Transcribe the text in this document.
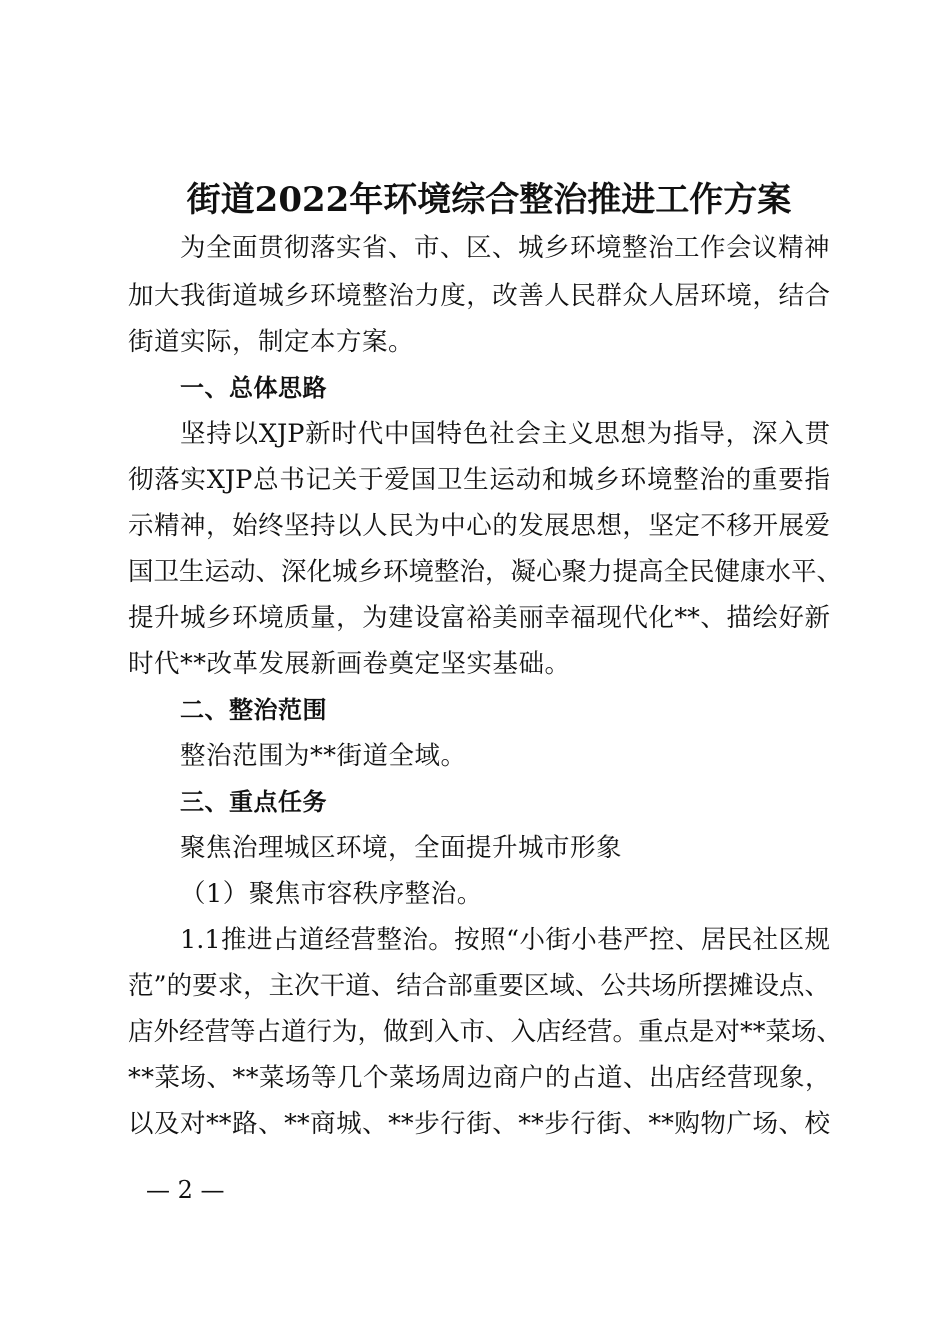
街道2022年环境综合整治推进工作方案
为全面贯彻落实省、市、区、城乡环境整治工作会议精神
加大我街道城乡环境整治力度，改善人民群众人居环境，结合
街道实际，制定本方案。
一、总体思路
坚持以XJP新时代中国特色社会主义思想为指导，深入贯
彻落实XJP总书记关于爱国卫生运动和城乡环境整治的重要指
示精神，始终坚持以人民为中心的发展思想，坚定不移开展爱
国卫生运动、深化城乡环境整治，凝心聚力提高全民健康水平、
提升城乡环境质量，为建设富裕美丽幸福现代化**、描绘好新
时代**改革发展新画卷奠定坚实基础。
二、整治范围
整治范围为**街道全域。
三、重点任务
聚焦治理城区环境，全面提升城市形象
（1）聚焦市容秩序整治。
1.1推进占道经营整治。按照“小街小巷严控、居民社区规
范”的要求，主次干道、结合部重要区域、公共场所摆摊设点、
店外经营等占道行为，做到入市、入店经营。重点是对**菜场、
**菜场、**菜场等几个菜场周边商户的占道、出店经营现象，
以及对**路、**商城、**步行街、**步行街、**购物广场、校
— 2 —
